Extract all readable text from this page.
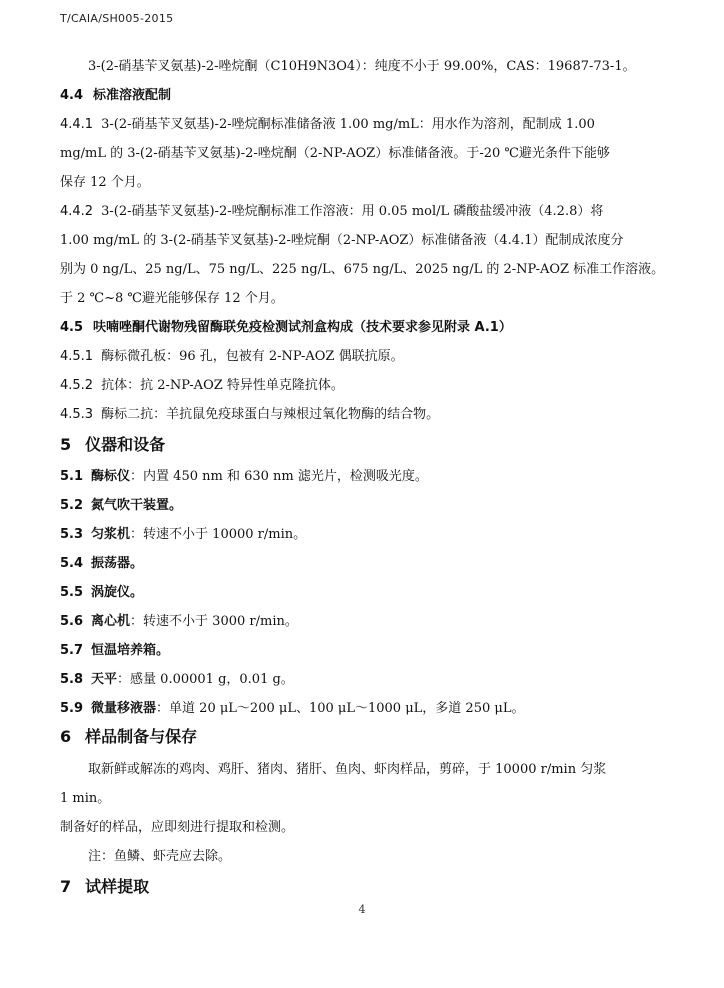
T/CAIA/SH005-2015
3-(2-硝基苄叉氨基)-2-唑烷酮（C10H9N3O4）：纯度不小于 99.00%，CAS：19687-73-1。
4.4 标准溶液配制
4.4.1 3-(2-硝基苄叉氨基)-2-唑烷酮标准储备液 1.00 mg/mL：用水作为溶剂，配制成 1.00
mg/mL 的 3-(2-硝基苄叉氨基)-2-唑烷酮（2-NP-AOZ）标准储备液。于-20 ℃避光条件下能够
保存 12 个月。
4.4.2 3-(2-硝基苄叉氨基)-2-唑烷酮标准工作溶液：用 0.05 mol/L 磷酸盐缓冲液（4.2.8）将
1.00 mg/mL 的 3-(2-硝基苄叉氨基)-2-唑烷酮（2-NP-AOZ）标准储备液（4.4.1）配制成浓度分
别为 0 ng/L、25 ng/L、75 ng/L、225 ng/L、675 ng/L、2025 ng/L 的 2-NP-AOZ 标准工作溶液。
于 2 ℃~8 ℃避光能够保存 12 个月。
4.5 呋喃唑酮代谢物残留酶联免疫检测试剂盒构成（技术要求参见附录 A.1）
4.5.1 酶标微孔板：96 孔，包被有 2-NP-AOZ 偶联抗原。
4.5.2 抗体：抗 2-NP-AOZ 特异性单克隆抗体。
4.5.3 酶标二抗：羊抗鼠免疫球蛋白与辣根过氧化物酶的结合物。
5 仪器和设备
5.1 酶标仪：内置 450 nm 和 630 nm 滤光片，检测吸光度。
5.2 氮气吹干装置。
5.3 匀浆机：转速不小于 10000 r/min。
5.4 振荡器。
5.5 涡旋仪。
5.6 离心机：转速不小于 3000 r/min。
5.7 恒温培养箱。
5.8 天平：感量 0.00001 g，0.01 g。
5.9 微量移液器：单道 20 μL～200 μL、100 μL～1000 μL，多道 250 μL。
6 样品制备与保存
取新鲜或解冻的鸡肉、鸡肝、猪肉、猪肝、鱼肉、虾肉样品，剪碎，于 10000 r/min 匀浆
1 min。
制备好的样品，应即刻进行提取和检测。
注：鱼鳞、虾壳应去除。
7 试样提取
4
